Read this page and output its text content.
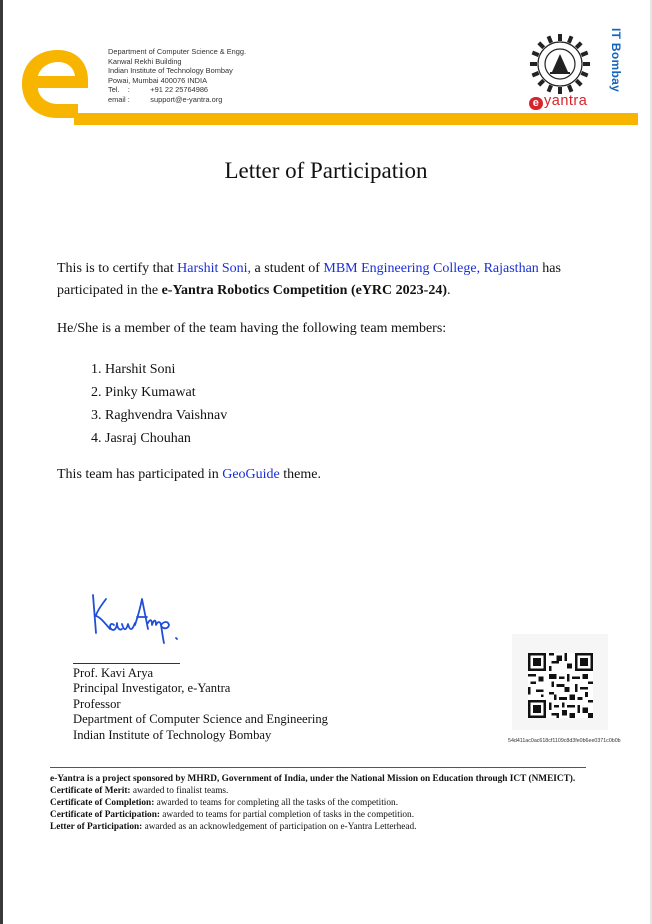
Department of Computer Science & Engg.
Kanwal Rekhi Building
Indian Institute of Technology Bombay
Powai, Mumbai 400076 INDIA
Tel.    :          +91 22 25764986
email :          support@e-yantra.org	e yantra
IT Bombay
Letter of Participation
This is to certify that Harshit Soni, a student of MBM Engineering College, Rajasthan has participated in the e-Yantra Robotics Competition (eYRC 2023-24).
He/She is a member of the team having the following team members:
1. Harshit Soni
2. Pinky Kumawat
3. Raghvendra Vaishnav
4. Jasraj Chouhan
This team has participated in GeoGuide theme.
Prof. Kavi Arya
Principal Investigator, e-Yantra
Professor
Department of Computer Science and Engineering
Indian Institute of Technology Bombay	54d411ac0ac618cf1109c8d3fe0b6ee0371c0b0b
e-Yantra is a project sponsored by MHRD, Government of India, under the National Mission on Education through ICT (NMEICT).
Certificate of Merit: awarded to finalist teams.
Certificate of Completion: awarded to teams for completing all the tasks of the competition.
Certificate of Participation: awarded to teams for partial completion of tasks in the competition.
Letter of Participation: awarded as an acknowledgement of participation on e-Yantra Letterhead.
